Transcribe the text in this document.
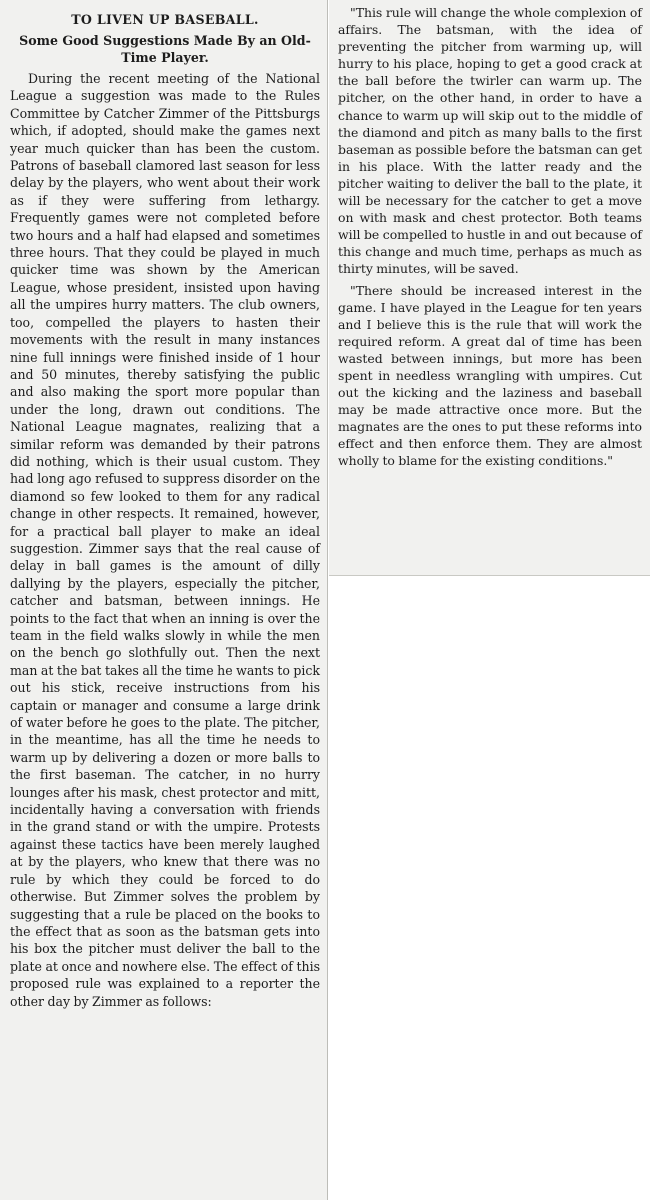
TO LIVEN UP BASEBALL.
Some Good Suggestions Made By an Old-Time Player.

During the recent meeting of the National League a suggestion was made to the Rules Committee by Catcher Zimmer of the Pittsburgs which, if adopted, should make the games next year much quicker than has been the custom. Patrons of baseball clamored last season for less delay by the players, who went about their work as if they were suffering from lethargy. Frequently games were not completed before two hours and a half had elapsed and sometimes three hours. That they could be played in much quicker time was shown by the American League, whose president, insisted upon having all the umpires hurry matters. The club owners, too, compelled the players to hasten their movements with the result in many instances nine full innings were finished inside of 1 hour and 50 minutes, thereby satisfying the public and also making the sport more popular than under the long, drawn out conditions. The National League magnates, realizing that a similar reform was demanded by their patrons did nothing, which is their usual custom. They had long ago refused to suppress disorder on the diamond so few looked to them for any radical change in other respects. It remained, however, for a practical ball player to make an ideal suggestion. Zimmer says that the real cause of delay in ball games is the amount of dilly dallying by the players, especially the pitcher, catcher and batsman, between innings. He points to the fact that when an inning is over the team in the field walks slowly in while the men on the bench go slothfully out. Then the next man at the bat takes all the time he wants to pick out his stick, receive instructions from his captain or manager and consume a large drink of water before he goes to the plate. The pitcher, in the meantime, has all the time he needs to warm up by delivering a dozen or more balls to the first baseman. The catcher, in no hurry lounges after his mask, chest protector and mitt, incidentally having a conversation with friends in the grand stand or with the umpire. Protests against these tactics have been merely laughed at by the players, who knew that there was no rule by which they could be forced to do otherwise. But Zimmer solves the problem by suggesting that a rule be placed on the books to the effect that as soon as the batsman gets into his box the pitcher must deliver the ball to the plate at once and nowhere else. The effect of this proposed rule was explained to a reporter the other day by Zimmer as follows:

"This rule will change the whole complexion of affairs. The batsman, with the idea of preventing the pitcher from warming up, will hurry to his place, hoping to get a good crack at the ball before the twirler can warm up. The pitcher, on the other hand, in order to have a chance to warm up will skip out to the middle of the diamond and pitch as many balls to the first baseman as possible before the batsman can get in his place. With the latter ready and the pitcher waiting to deliver the ball to the plate, it will be necessary for the catcher to get a move on with mask and chest protector. Both teams will be compelled to hustle in and out because of this change and much time, perhaps as much as thirty minutes, will be saved.

"There should be increased interest in the game. I have played in the League for ten years and I believe this is the rule that will work the required reform. A great dal of time has been wasted between innings, but more has been spent in needless wrangling with umpires. Cut out the kicking and the laziness and baseball may be made attractive once more. But the magnates are the ones to put these reforms into effect and then enforce them. They are almost wholly to blame for the existing conditions."
